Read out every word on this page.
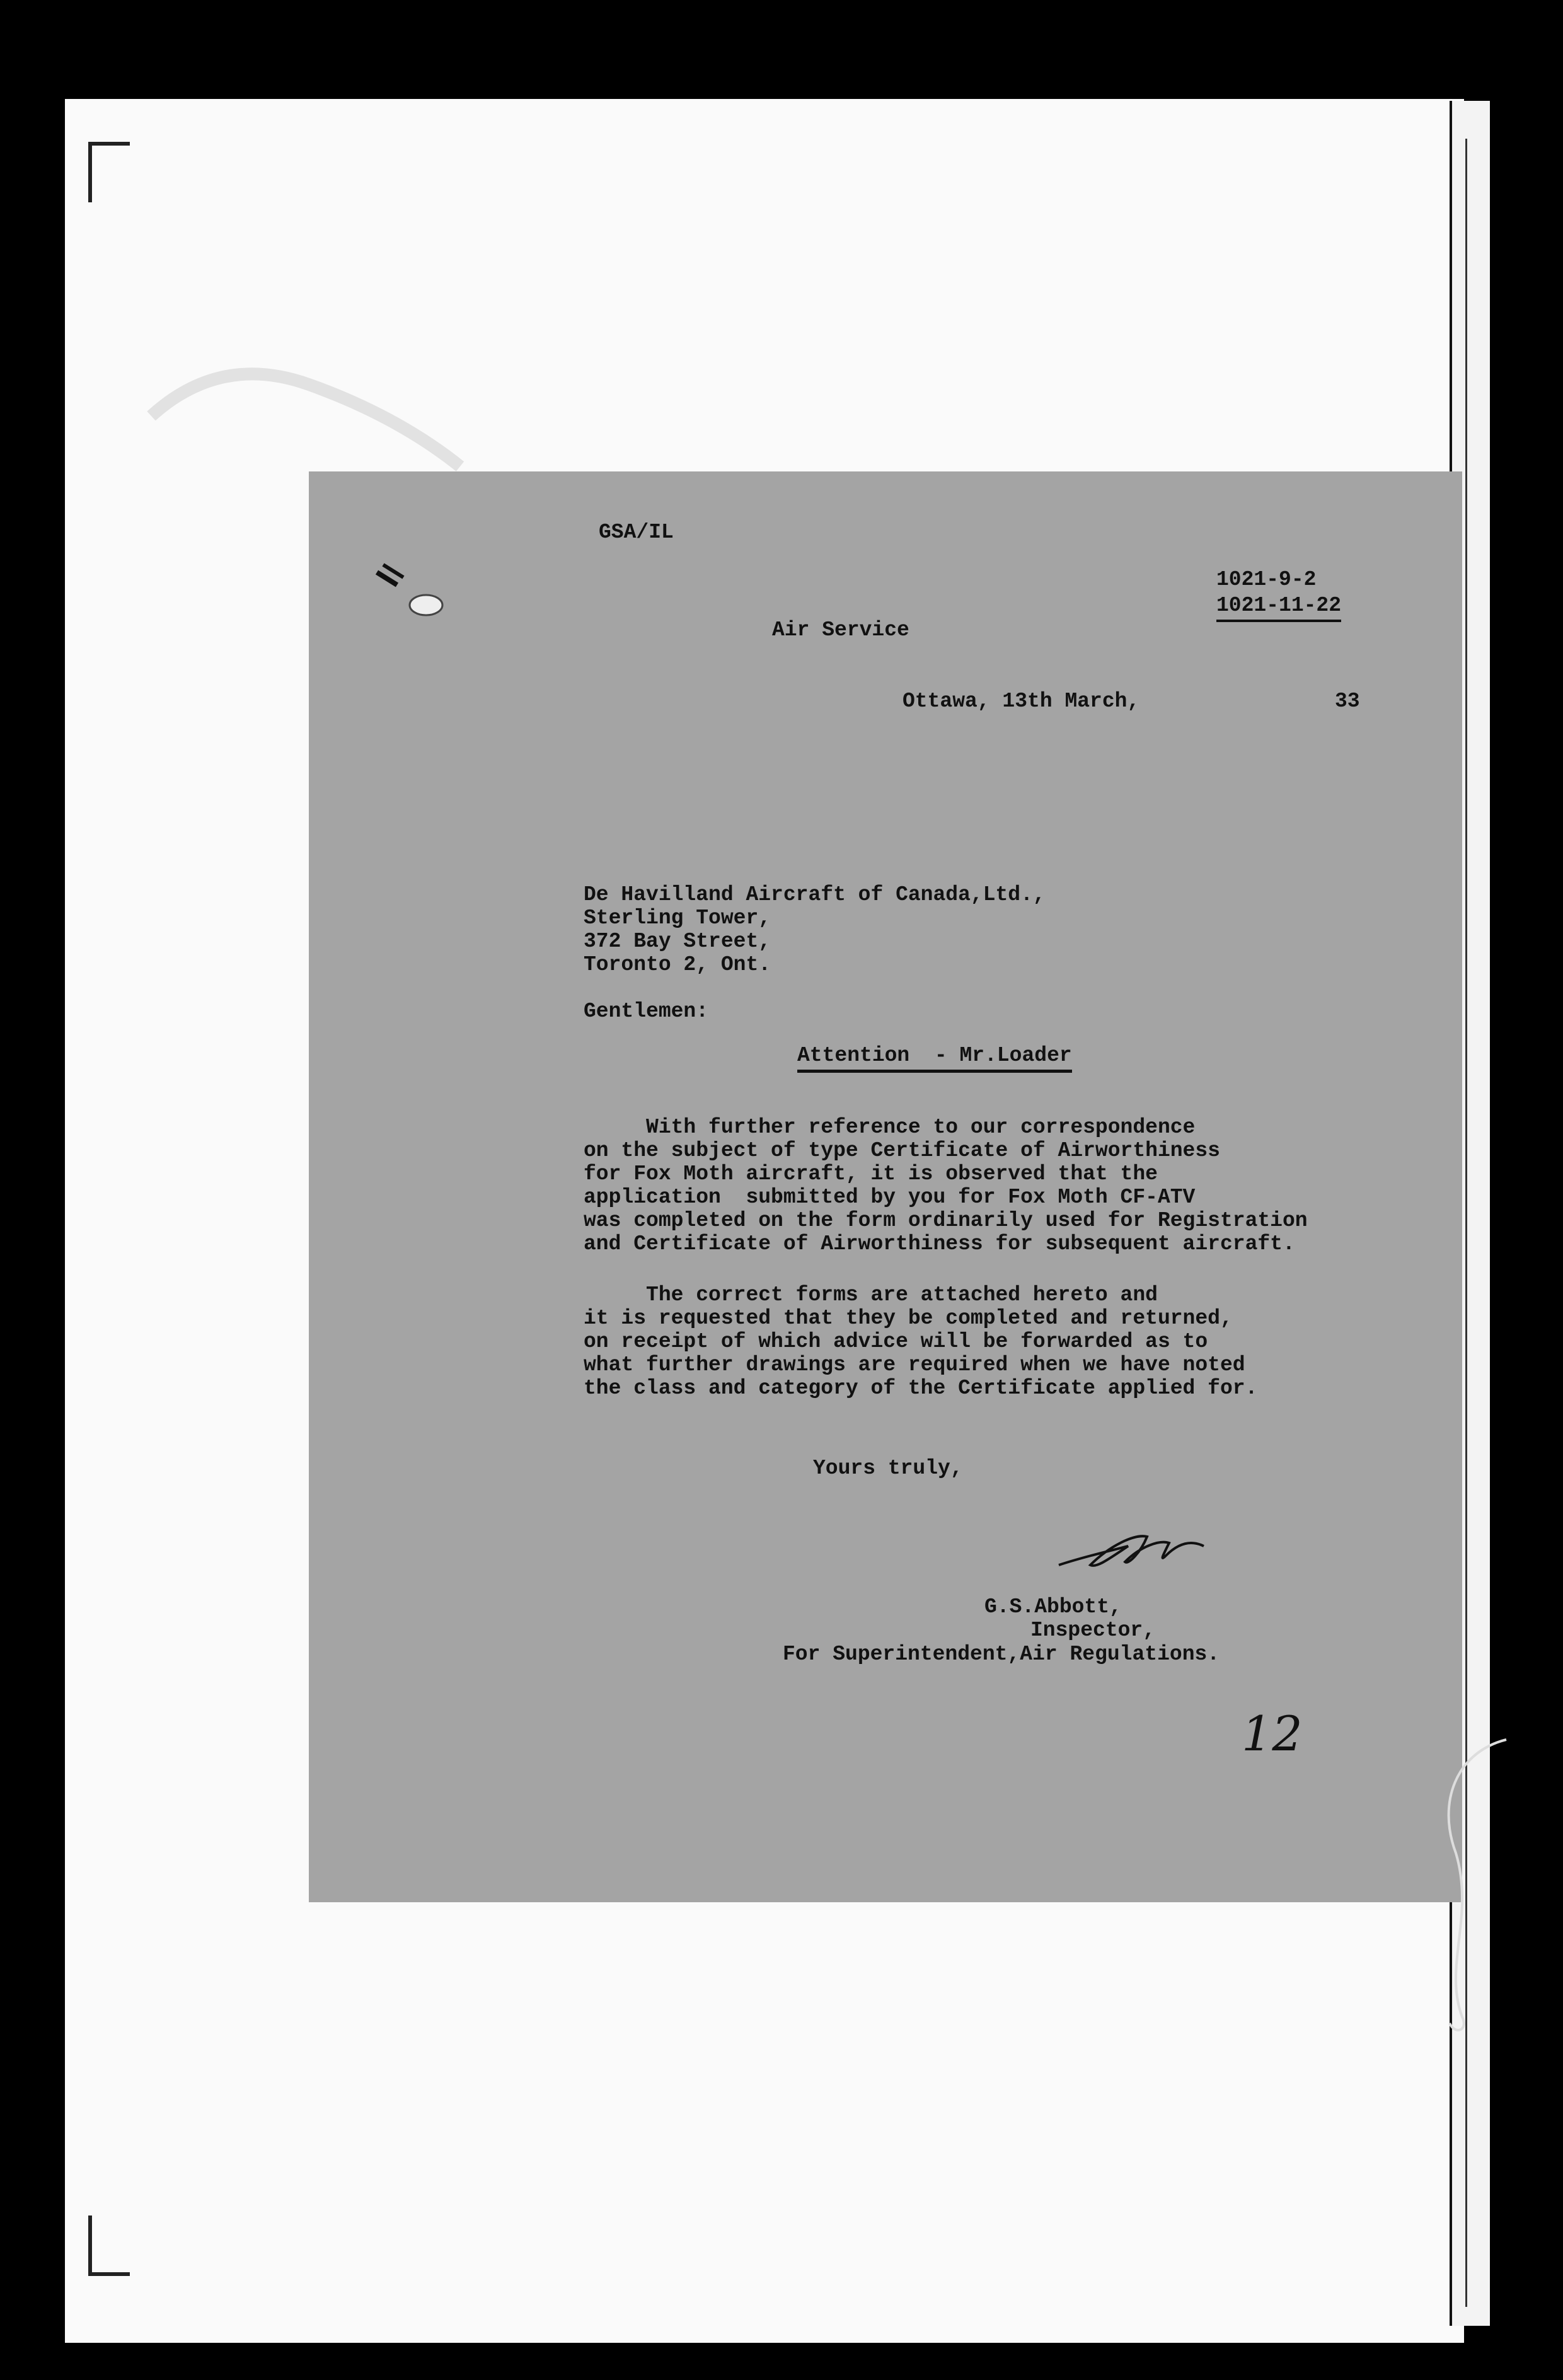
GSA/IL
1021-9-2
1021-11-22
Air Service
Ottawa, 13th March,	33
De Havilland Aircraft of Canada,Ltd.,
Sterling Tower,
372 Bay Street,
Toronto 2, Ont.
Gentlemen:
Attention  - Mr.Loader
With further reference to our correspondence
on the subject of type Certificate of Airworthiness
for Fox Moth aircraft, it is observed that the
application  submitted by you for Fox Moth CF-ATV
was completed on the form ordinarily used for Registration
and Certificate of Airworthiness for subsequent aircraft.
The correct forms are attached hereto and
it is requested that they be completed and returned,
on receipt of which advice will be forwarded as to
what further drawings are required when we have noted
the class and category of the Certificate applied for.
Yours truly,
G.S.Abbott,
Inspector,
For Superintendent,Air Regulations.
12
